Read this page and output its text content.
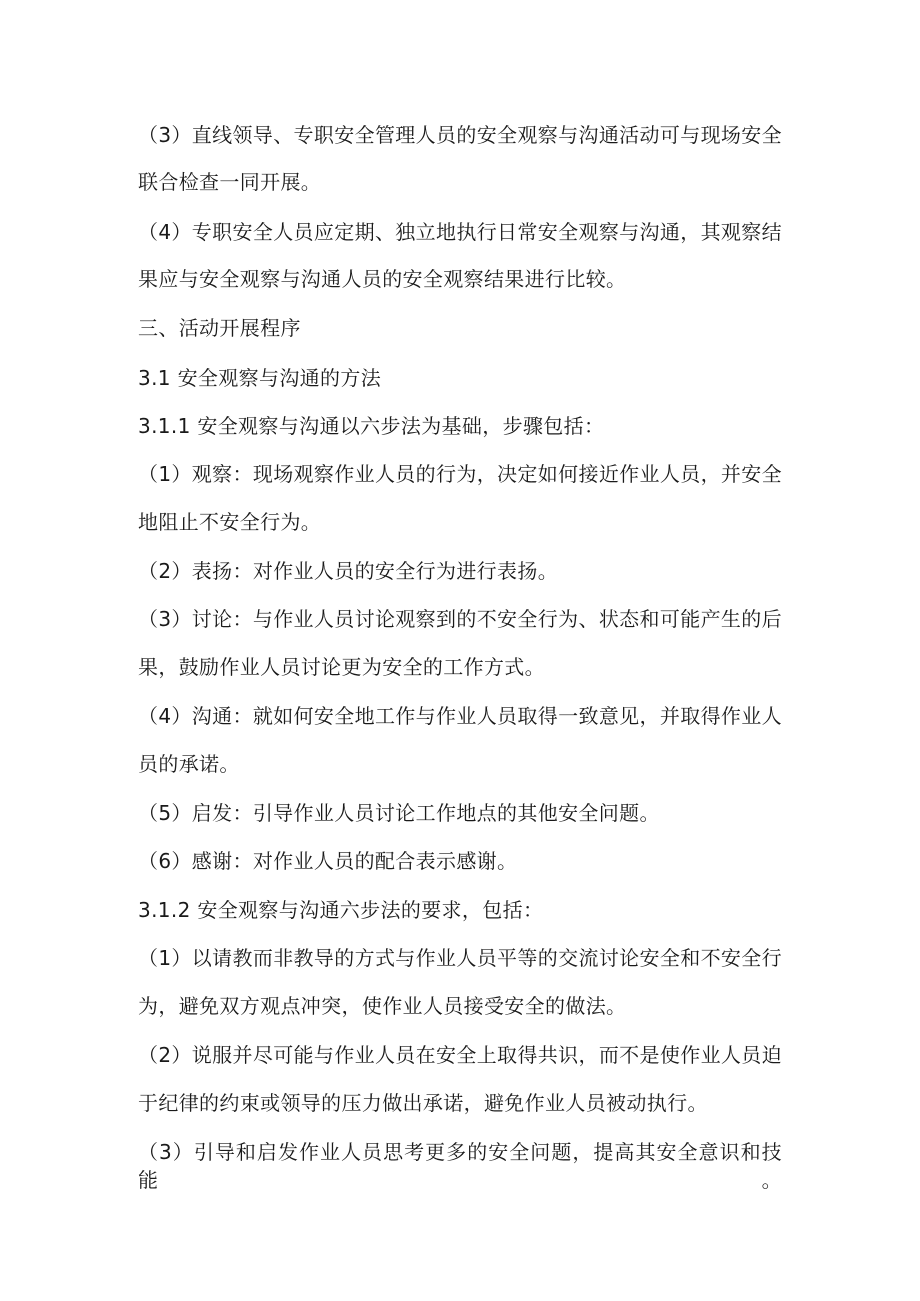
（3）直线领导、专职安全管理人员的安全观察与沟通活动可与现场安全
联合检查一同开展。
（4）专职安全人员应定期、独立地执行日常安全观察与沟通，其观察结
果应与安全观察与沟通人员的安全观察结果进行比较。
三、活动开展程序
3.1 安全观察与沟通的方法
3.1.1 安全观察与沟通以六步法为基础，步骤包括：
（1）观察：现场观察作业人员的行为，决定如何接近作业人员，并安全
地阻止不安全行为。
（2）表扬：对作业人员的安全行为进行表扬。
（3）讨论：与作业人员讨论观察到的不安全行为、状态和可能产生的后
果，鼓励作业人员讨论更为安全的工作方式。
（4）沟通：就如何安全地工作与作业人员取得一致意见，并取得作业人
员的承诺。
（5）启发：引导作业人员讨论工作地点的其他安全问题。
（6）感谢：对作业人员的配合表示感谢。
3.1.2 安全观察与沟通六步法的要求，包括：
（1）以请教而非教导的方式与作业人员平等的交流讨论安全和不安全行
为，避免双方观点冲突，使作业人员接受安全的做法。
（2）说服并尽可能与作业人员在安全上取得共识，而不是使作业人员迫
于纪律的约束或领导的压力做出承诺，避免作业人员被动执行。
（3）引导和启发作业人员思考更多的安全问题，提高其安全意识和技能。
